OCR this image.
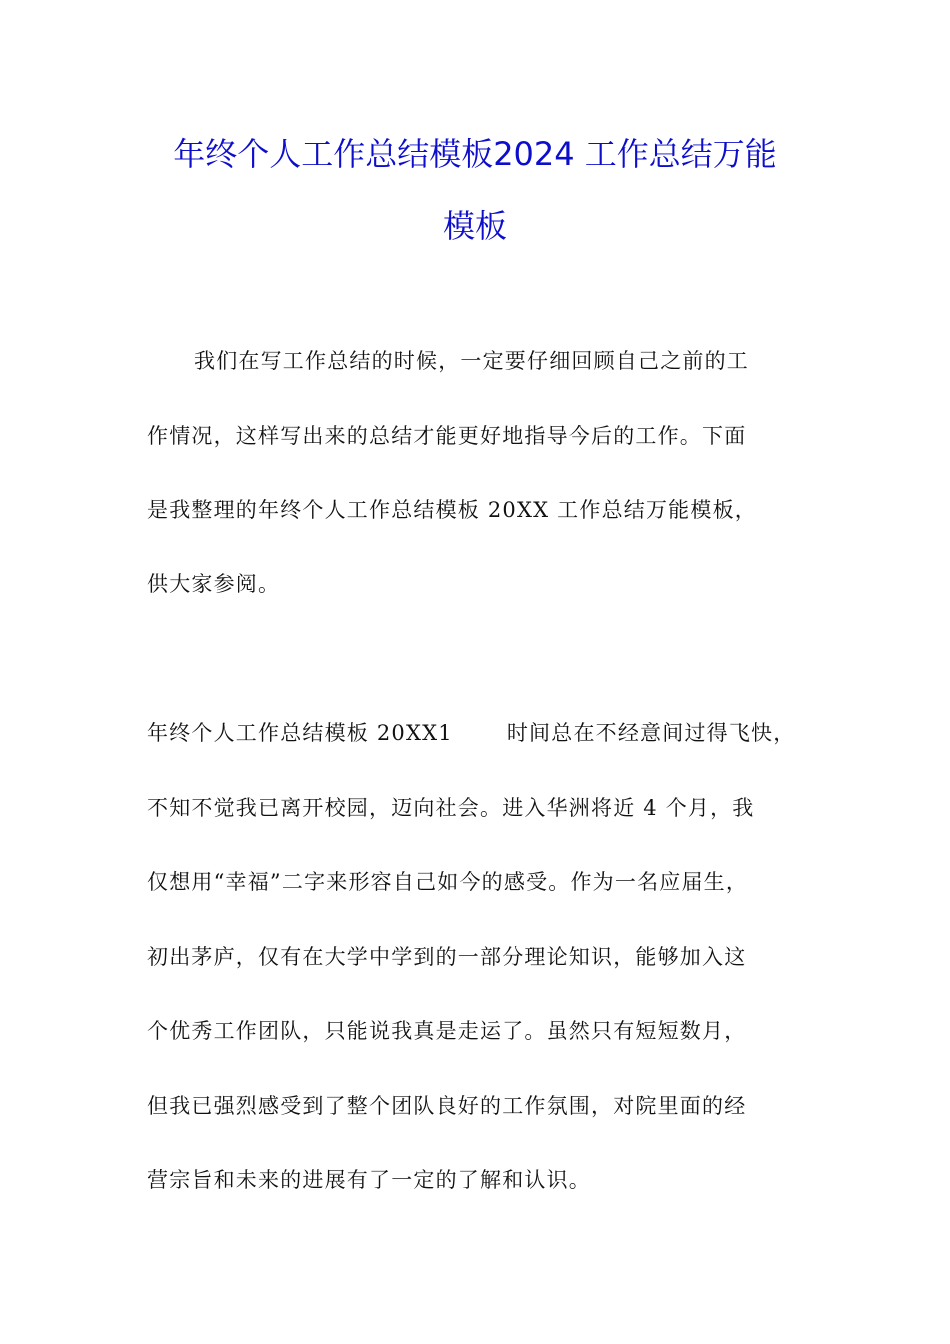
年终个人工作总结模板2024 工作总结万能
模板

我们在写工作总结的时候，一定要仔细回顾自己之前的工

作情况，这样写出来的总结才能更好地指导今后的工作。下面

是我整理的年终个人工作总结模板 20XX 工作总结万能模板，

供大家参阅。

年终个人工作总结模板 20XX1	时间总在不经意间过得飞快，

不知不觉我已离开校园，迈向社会。进入华洲将近 4 个月，我

仅想用“幸福”二字来形容自己如今的感受。作为一名应届生，

初出茅庐，仅有在大学中学到的一部分理论知识，能够加入这

个优秀工作团队，只能说我真是走运了。虽然只有短短数月，

但我已强烈感受到了整个团队良好的工作氛围，对院里面的经

营宗旨和未来的进展有了一定的了解和认识。
